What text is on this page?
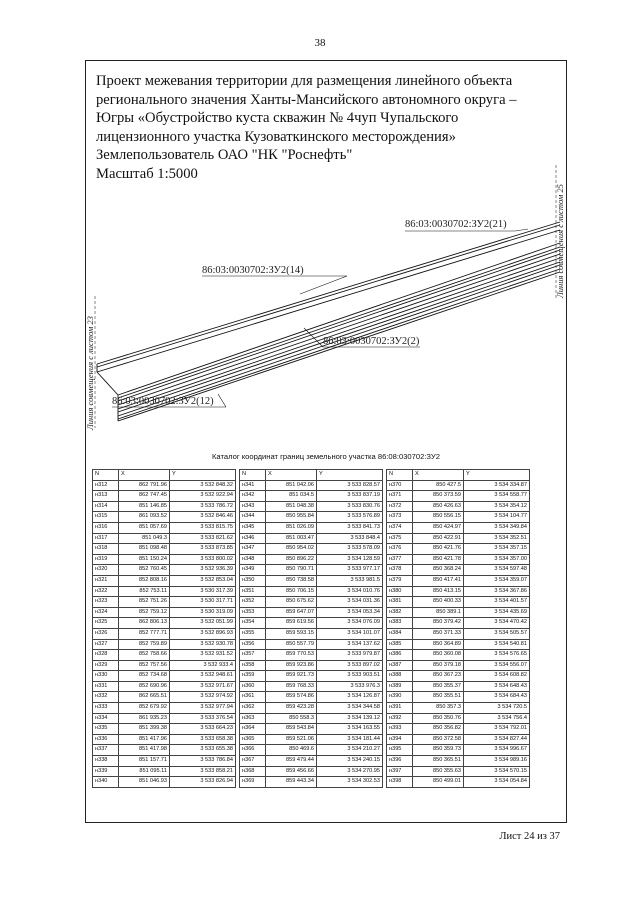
38
Проект межевания территории для размещения линейного объекта
регионального значения Ханты-Мансийского автономного округа –
Югры «Обустройство куста скважин № 4чуп Чупальского
лицензионного участка Кузоваткинского месторождения»
Землепользователь ОАО "НК "Роснефть"
Масштаб 1:5000
86:03:0030702:ЗУ2(21)
86:03:0030702:ЗУ2(14)
86:03:0030702:ЗУ2(2)
86:03:0030702:ЗУ2(12)
Линия совмещения с листом 23
Линия совмещения с листом 25
Каталог координат границ земельного участка 86:08:030702:ЗУ2
N	X	Y
н312	862 791.96	3 532 848.32
н313	862 747.45	3 532 922.94
н314	851 146.85	3 533 786.72
н315	861 093.52	3 532 846.46
н316	851 057.69	3 533 815.75
н317	851 049.3	3 533 821.62
н318	851 098.48	3 533 873.85
н319	851 150.24	3 533 800.02
н320	852 760.45	3 532 936.39
н321	852 808.16	3 532 853.04
н322	852 753.11	3 530 317.39
н323	852 751.26	3 530 317.71
н324	852 759.12	3 530 319.09
н325	862 806.13	3 532 051.99
н326	852 777.71	3 532 896.93
н327	852 759.89	3 532 930.78
н328	852 758.66	3 532 931.52
н329	852 757.56	3 532 933.4
н330	852 734.68	3 532 948.61
н331	852 690.96	3 532 971.67
н332	862 665.51	3 532 974.92
н333	852 679.92	3 532 977.94
н334	861 935.23	3 533 376.54
н335	851 399.38	3 533 664.23
н336	851 417.96	3 533 658.38
н337	851 417.98	3 533 655.38
н338	851 157.71	3 533 786.84
н339	851 095.11	3 533 858.21
н340	851 046.93	3 533 826.94
N	X	Y
н341	851 042.06	3 533 828.57
н342	851 034.5	3 533 837.19
н343	851 048.38	3 533 830.76
н344	850 955.84	3 533 576.89
н345	851 026.09	3 533 841.73
н346	851 003.47	3 533 848.4
н347	850 954.02	3 533 578.09
н348	850 896.22	3 534 128.59
н349	850 790.71	3 533 977.17
н350	850 738.58	3 533 981.5
н351	850 706.15	3 534 010.76
н352	850 675.62	3 534 031.36
н353	859 647.07	3 534 053.34
н354	859 619.56	3 534 076.09
н355	859 593.15	3 534 101.07
н356	850 557.79	3 534 137.62
н357	859 770.53	3 533 979.87
н358	859 923.86	3 533 897.02
н359	859 921.73	3 533 903.51
н360	859 768.33	3 533 976.3
н361	859 574.86	3 534 126.87
н362	859 423.28	3 534 344.58
н363	850 558.3	3 534 139.12
н364	859 543.84	3 534 163.55
н365	859 521.06	3 534 181.44
н366	850 469.6	3 534 210.27
н367	859 479.44	3 534 240.15
н368	859 456.66	3 534 270.95
н369	859 443.34	3 534 302.53
N	X	Y
н370	850 427.5	3 534 334.87
н371	850 373.59	3 534 558.77
н372	850 426.63	3 534 354.12
н373	850 556.15	3 534 104.77
н374	850 424.97	3 534 349.84
н375	850 422.91	3 534 352.51
н376	850 421.76	3 534 357.15
н377	850 421.78	3 534 357.00
н378	850 368.24	3 534 597.48
н379	850 417.41	3 534 359.07
н380	850 413.15	3 534 367.86
н381	850 400.33	3 534 401.57
н382	850 389.1	3 534 435.69
н383	850 379.42	3 534 470.42
н384	850 371.33	3 534 505.57
н385	850 364.89	3 534 540.81
н386	850 360.08	3 534 576.65
н387	850 379.18	3 534 556.07
н388	850 367.23	3 534 608.82
н389	850 355.37	3 534 648.43
н390	850 355.51	3 534 684.43
н391	850 357.3	3 534 720.5
н392	850 350.76	3 534 756.4
н393	850 356.82	3 534 792.01
н394	850 372.58	3 534 827.44
н395	850 359.73	3 534 996.67
н396	850 365.51	3 534 989.16
н397	850 355.63	3 534 570.15
н398	850 499.01	3 534 054.84
Лист 24 из 37
